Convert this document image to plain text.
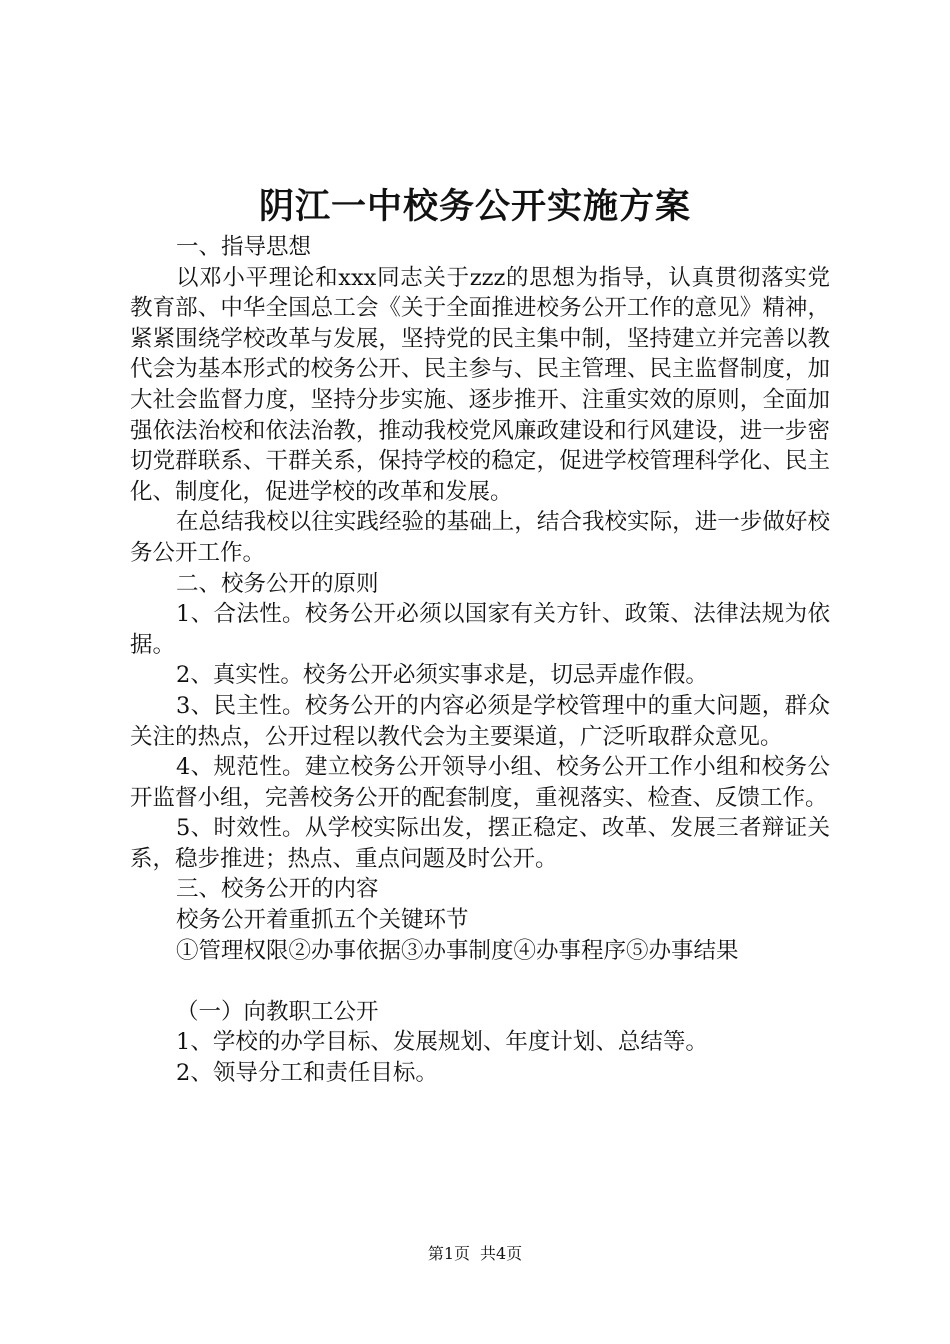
阴江一中校务公开实施方案

一、指导思想

以邓小平理论和xxx同志关于zzz的思想为指导，认真贯彻落实党教育部、中华全国总工会《关于全面推进校务公开工作的意见》精神，紧紧围绕学校改革与发展，坚持党的民主集中制，坚持建立并完善以教代会为基本形式的校务公开、民主参与、民主管理、民主监督制度，加大社会监督力度，坚持分步实施、逐步推开、注重实效的原则，全面加强依法治校和依法治教，推动我校党风廉政建设和行风建设，进一步密切党群联系、干群关系，保持学校的稳定，促进学校管理科学化、民主化、制度化，促进学校的改革和发展。

在总结我校以往实践经验的基础上，结合我校实际，进一步做好校务公开工作。

二、校务公开的原则

1、合法性。校务公开必须以国家有关方针、政策、法律法规为依据。

2、真实性。校务公开必须实事求是，切忌弄虚作假。

3、民主性。校务公开的内容必须是学校管理中的重大问题，群众关注的热点，公开过程以教代会为主要渠道，广泛听取群众意见。

4、规范性。建立校务公开领导小组、校务公开工作小组和校务公开监督小组，完善校务公开的配套制度，重视落实、检查、反馈工作。

5、时效性。从学校实际出发，摆正稳定、改革、发展三者辩证关系，稳步推进；热点、重点问题及时公开。

三、校务公开的内容

校务公开着重抓五个关键环节

①管理权限②办事依据③办事制度④办事程序⑤办事结果

（一）向教职工公开

1、学校的办学目标、发展规划、年度计划、总结等。

2、领导分工和责任目标。

第1页 共4页
